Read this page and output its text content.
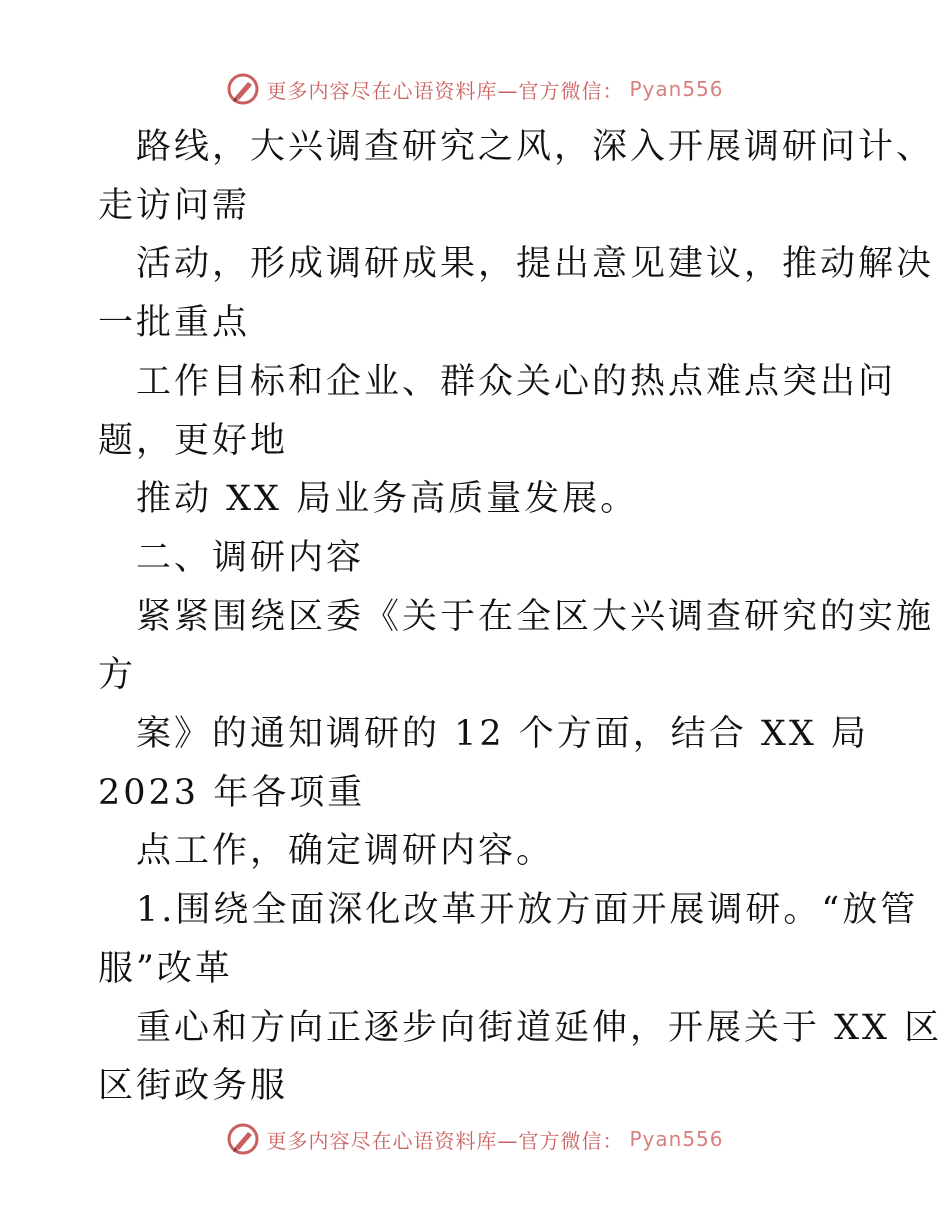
更多内容尽在心语资料库—官方微信： Pyan556
路线，大兴调查研究之风，深入开展调研问计、
走访问需
活动，形成调研成果，提出意见建议，推动解决
一批重点
工作目标和企业、群众关心的热点难点突出问
题，更好地
推动 XX 局业务高质量发展。
二、调研内容
紧紧围绕区委《关于在全区大兴调查研究的实施
方
案》的通知调研的 12 个方面，结合 XX 局
2023 年各项重
点工作，确定调研内容。
1.围绕全面深化改革开放方面开展调研。“放管
服”改革
重心和方向正逐步向街道延伸，开展关于 XX 区
区街政务服
更多内容尽在心语资料库—官方微信： Pyan556
